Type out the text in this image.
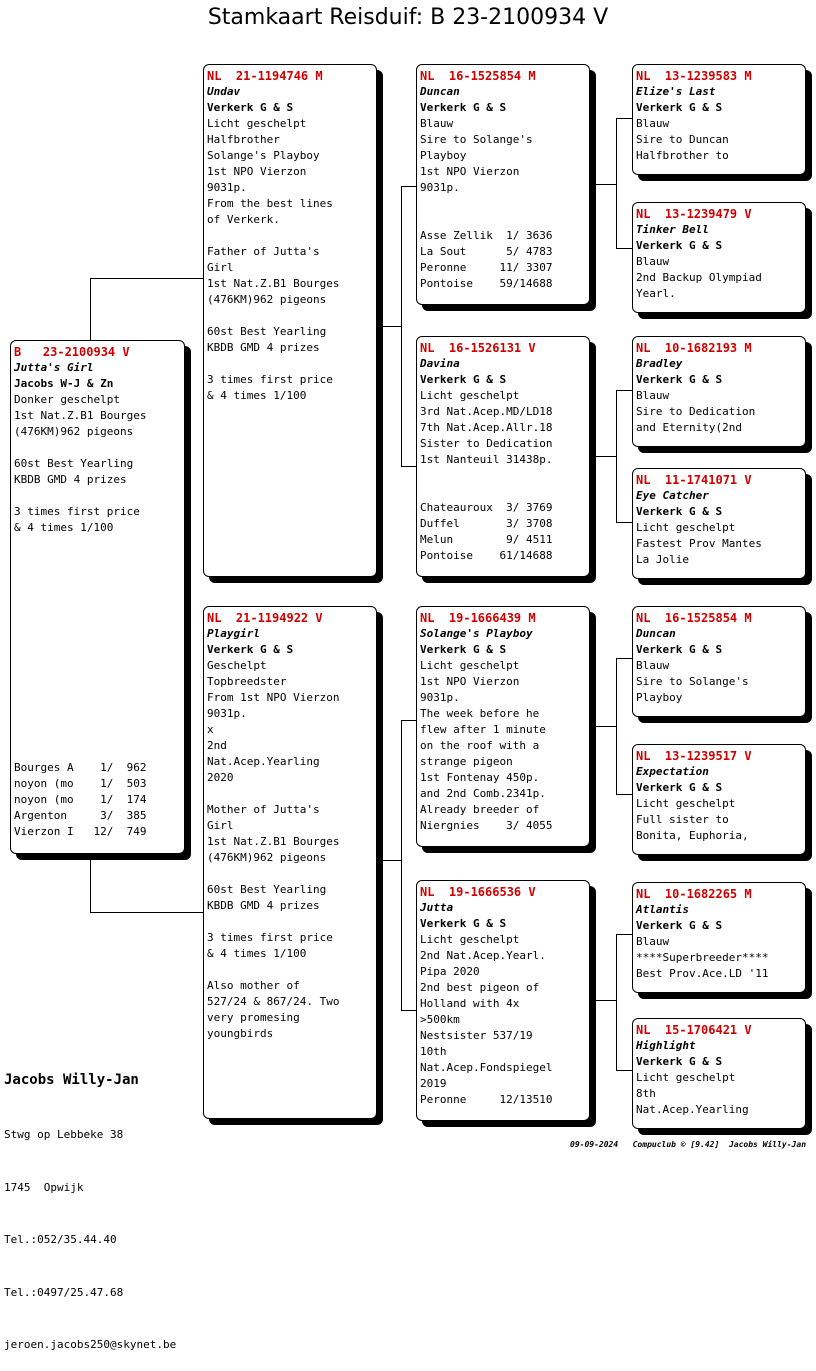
Stamkaart Reisduif: B 23-2100934 V
B   23-2100934 V
Jutta's Girl
Jacobs W-J & Zn
Donker geschelpt
1st Nat.Z.B1 Bourges
(476KM)962 pigeons
60st Best Yearling
KBDB GMD 4 prizes
3 times first price
& 4 times 1/100
Bourges A    1/  962
noyon (mo    1/  503
noyon (mo    1/  174
Argenton     3/  385
Vierzon I   12/  749
NL  21-1194746 M
Undav
Verkerk G & S
Licht geschelpt
Halfbrother
Solange's Playboy
1st NPO Vierzon
9031p.
From the best lines
of Verkerk.
Father of Jutta's
Girl
1st Nat.Z.B1 Bourges
(476KM)962 pigeons
60st Best Yearling
KBDB GMD 4 prizes
3 times first price
& 4 times 1/100
NL  21-1194922 V
Playgirl
Verkerk G & S
Geschelpt
Topbreedster
From 1st NPO Vierzon
9031p.
x
2nd
Nat.Acep.Yearling
2020
Mother of Jutta's
Girl
1st Nat.Z.B1 Bourges
(476KM)962 pigeons
60st Best Yearling
KBDB GMD 4 prizes
3 times first price
& 4 times 1/100
Also mother of
527/24 & 867/24. Two
very promesing
youngbirds
NL  16-1525854 M
Duncan
Verkerk G & S
Blauw
Sire to Solange's
Playboy
1st NPO Vierzon
9031p.
Asse Zellik  1/ 3636
La Sout      5/ 4783
Peronne     11/ 3307
Pontoise    59/14688
NL  16-1526131 V
Davina
Verkerk G & S
Licht geschelpt
3rd Nat.Acep.MD/LD18
7th Nat.Acep.Allr.18
Sister to Dedication
1st Nanteuil 31438p.
Chateauroux  3/ 3769
Duffel       3/ 3708
Melun        9/ 4511
Pontoise    61/14688
NL  19-1666439 M
Solange's Playboy
Verkerk G & S
Licht geschelpt
1st NPO Vierzon
9031p.
The week before he
flew after 1 minute
on the roof with a
strange pigeon
1st Fontenay 450p.
and 2nd Comb.2341p.
Already breeder of
Niergnies    3/ 4055
NL  19-1666536 V
Jutta
Verkerk G & S
Licht geschelpt
2nd Nat.Acep.Yearl.
Pipa 2020
2nd best pigeon of
Holland with 4x
>500km
Nestsister 537/19
10th
Nat.Acep.Fondspiegel
2019
Peronne     12/13510
NL  13-1239583 M
Elize's Last
Verkerk G & S
Blauw
Sire to Duncan
Halfbrother to
NL  13-1239479 V
Tinker Bell
Verkerk G & S
Blauw
2nd Backup Olympiad
Yearl.
NL  10-1682193 M
Bradley
Verkerk G & S
Blauw
Sire to Dedication
and Eternity(2nd
NL  11-1741071 V
Eye Catcher
Verkerk G & S
Licht geschelpt
Fastest Prov Mantes
La Jolie
NL  16-1525854 M
Duncan
Verkerk G & S
Blauw
Sire to Solange's
Playboy
NL  13-1239517 V
Expectation
Verkerk G & S
Licht geschelpt
Full sister to
Bonita, Euphoria,
NL  10-1682265 M
Atlantis
Verkerk G & S
Blauw
****Superbreeder****
Best Prov.Ace.LD '11
NL  15-1706421 V
Highlight
Verkerk G & S
Licht geschelpt
8th
Nat.Acep.Yearling

Jacobs Willy-Jan

Stwg op Lebbeke 38

1745  Opwijk

Tel.:052/35.44.40

Tel.:0497/25.47.68

jeroen.jacobs250@skynet.be

09-09-2024   Compuclub © [9.42]  Jacobs Willy-Jan
